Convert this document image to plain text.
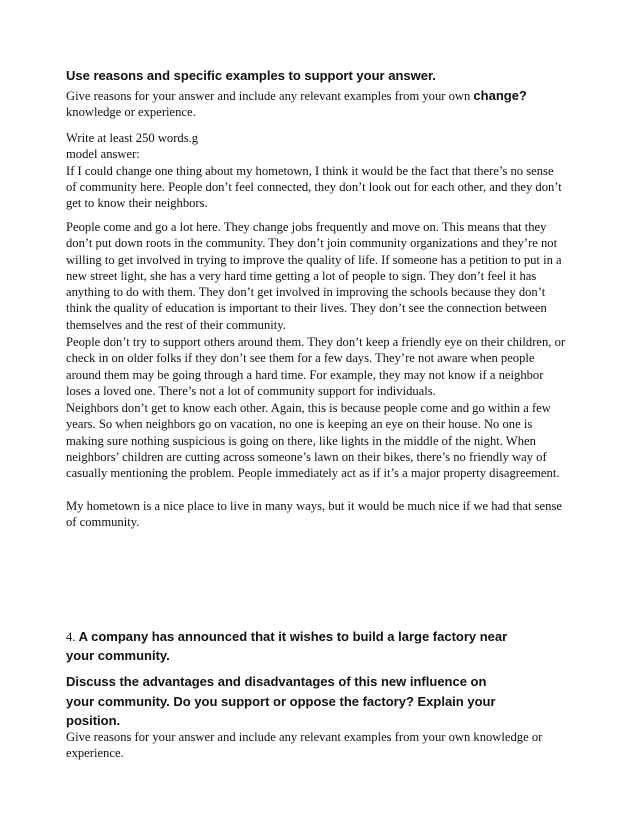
Use reasons and specific examples to support your answer.
Give reasons for your answer and include any relevant examples from your own change?
knowledge or experience.
Write at least 250 words.g
model answer:
If I could change one thing about my hometown, I think it would be the fact that there’s no sense
of community here. People don’t feel connected, they don’t look out for each other, and they don’t
get to know their neighbors.
People come and go a lot here. They change jobs frequently and move on. This means that they
don’t put down roots in the community. They don’t join community organizations and they’re not
willing to get involved in trying to improve the quality of life. If someone has a petition to put in a
new street light, she has a very hard time getting a lot of people to sign. They don’t feel it has
anything to do with them. They don’t get involved in improving the schools because they don’t
think the quality of education is important to their lives. They don’t see the connection between
themselves and the rest of their community.
People don’t try to support others around them. They don’t keep a friendly eye on their children, or
check in on older folks if they don’t see them for a few days. They’re not aware when people
around them may be going through a hard time. For example, they may not know if a neighbor
loses a loved one. There’s not a lot of community support for individuals.
Neighbors don’t get to know each other. Again, this is because people come and go within a few
years. So when neighbors go on vacation, no one is keeping an eye on their house. No one is
making sure nothing suspicious is going on there, like lights in the middle of the night. When
neighbors’ children are cutting across someone’s lawn on their bikes, there’s no friendly way of
casually mentioning the problem. People immediately act as if it’s a major property disagreement.
My hometown is a nice place to live in many ways, but it would be much nice if we had that sense
of community.
4. A company has announced that it wishes to build a large factory near
your community.
Discuss the advantages and disadvantages of this new influence on
your community. Do you support or oppose the factory? Explain your
position.
Give reasons for your answer and include any relevant examples from your own knowledge or
experience.
